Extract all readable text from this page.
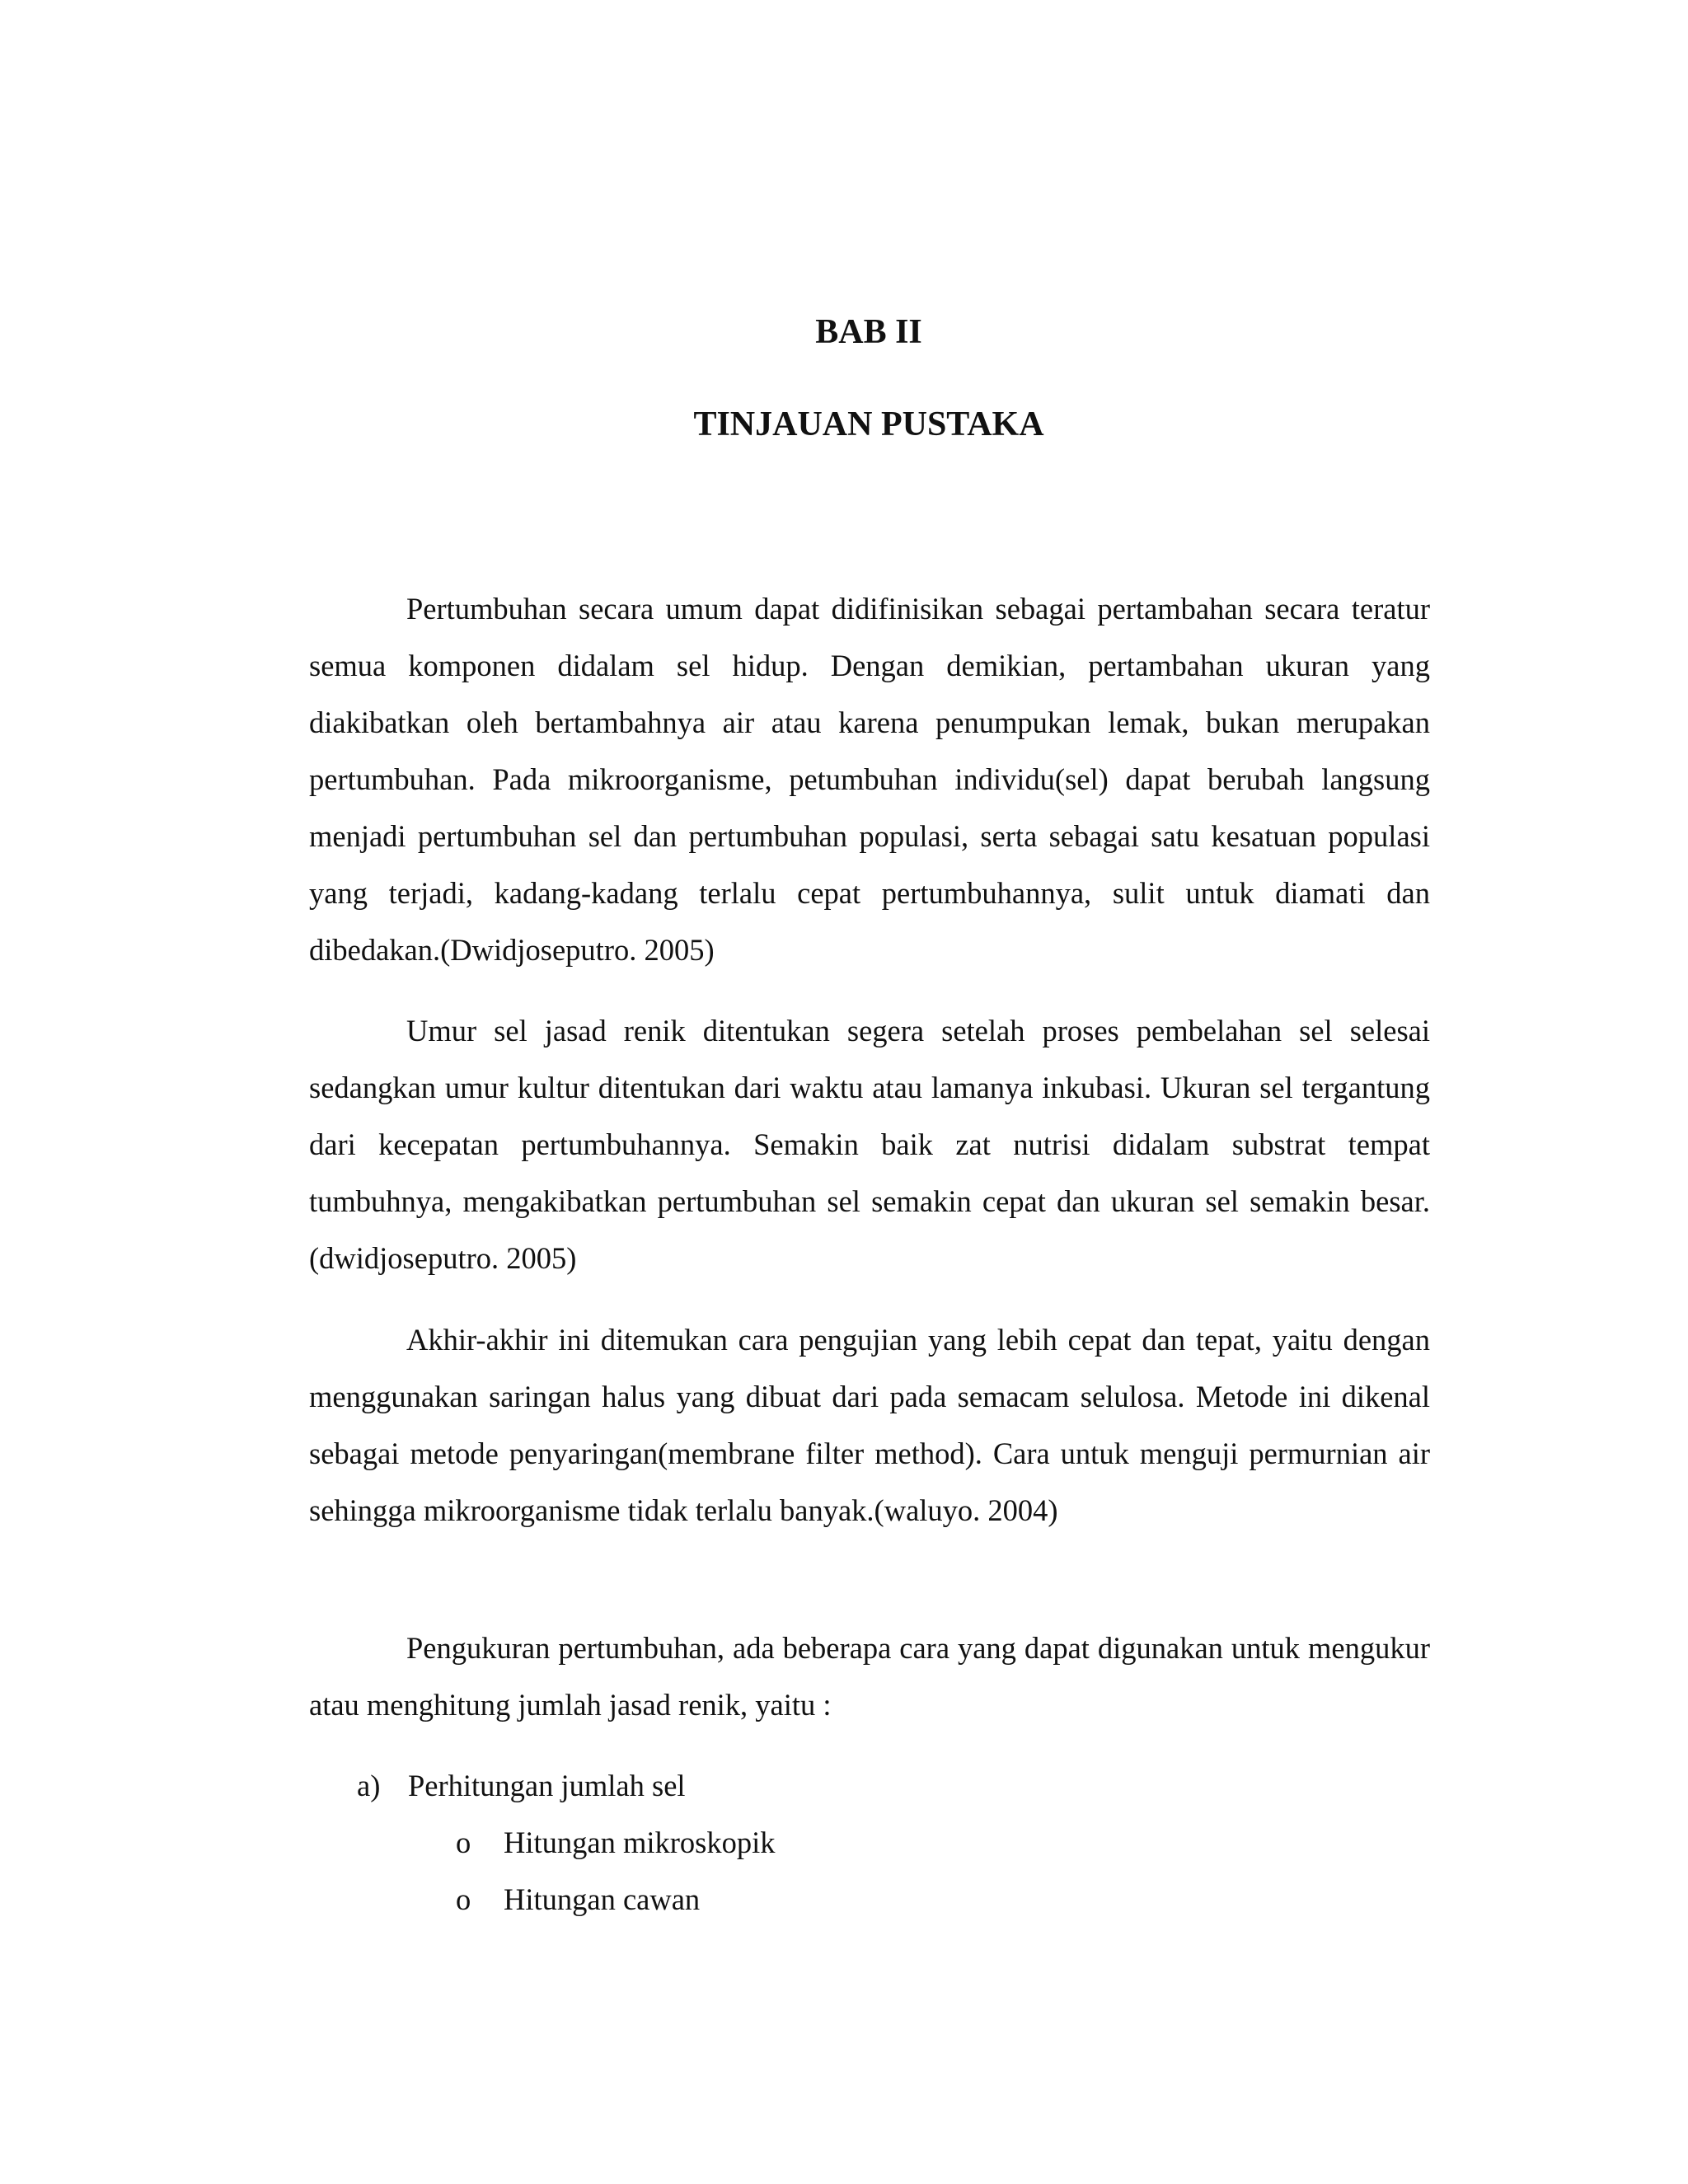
BAB II
TINJAUAN PUSTAKA

Pertumbuhan secara umum dapat didifinisikan sebagai pertambahan secara teratur semua komponen didalam sel hidup. Dengan demikian, pertambahan ukuran yang diakibatkan oleh bertambahnya air atau karena penumpukan lemak, bukan merupakan pertumbuhan. Pada mikroorganisme, petumbuhan individu(sel) dapat berubah langsung menjadi pertumbuhan sel dan pertumbuhan populasi, serta sebagai satu kesatuan populasi yang terjadi, kadang-kadang terlalu cepat pertumbuhannya, sulit untuk diamati dan dibedakan.(Dwidjoseputro. 2005)

Umur sel jasad renik ditentukan segera setelah proses pembelahan sel selesai sedangkan umur kultur ditentukan dari waktu atau lamanya inkubasi. Ukuran sel tergantung dari kecepatan pertumbuhannya. Semakin baik zat nutrisi didalam substrat tempat tumbuhnya, mengakibatkan pertumbuhan sel semakin cepat dan ukuran sel semakin besar.(dwidjoseputro. 2005)

Akhir-akhir ini ditemukan cara pengujian yang lebih cepat dan tepat, yaitu dengan menggunakan saringan halus yang dibuat dari pada semacam selulosa. Metode ini dikenal sebagai metode penyaringan(membrane filter method). Cara untuk menguji permurnian air sehingga mikroorganisme tidak terlalu banyak.(waluyo. 2004)

Pengukuran pertumbuhan, ada beberapa cara yang dapat digunakan untuk mengukur atau menghitung jumlah jasad renik, yaitu :

a) Perhitungan jumlah sel
o Hitungan mikroskopik
o Hitungan cawan
